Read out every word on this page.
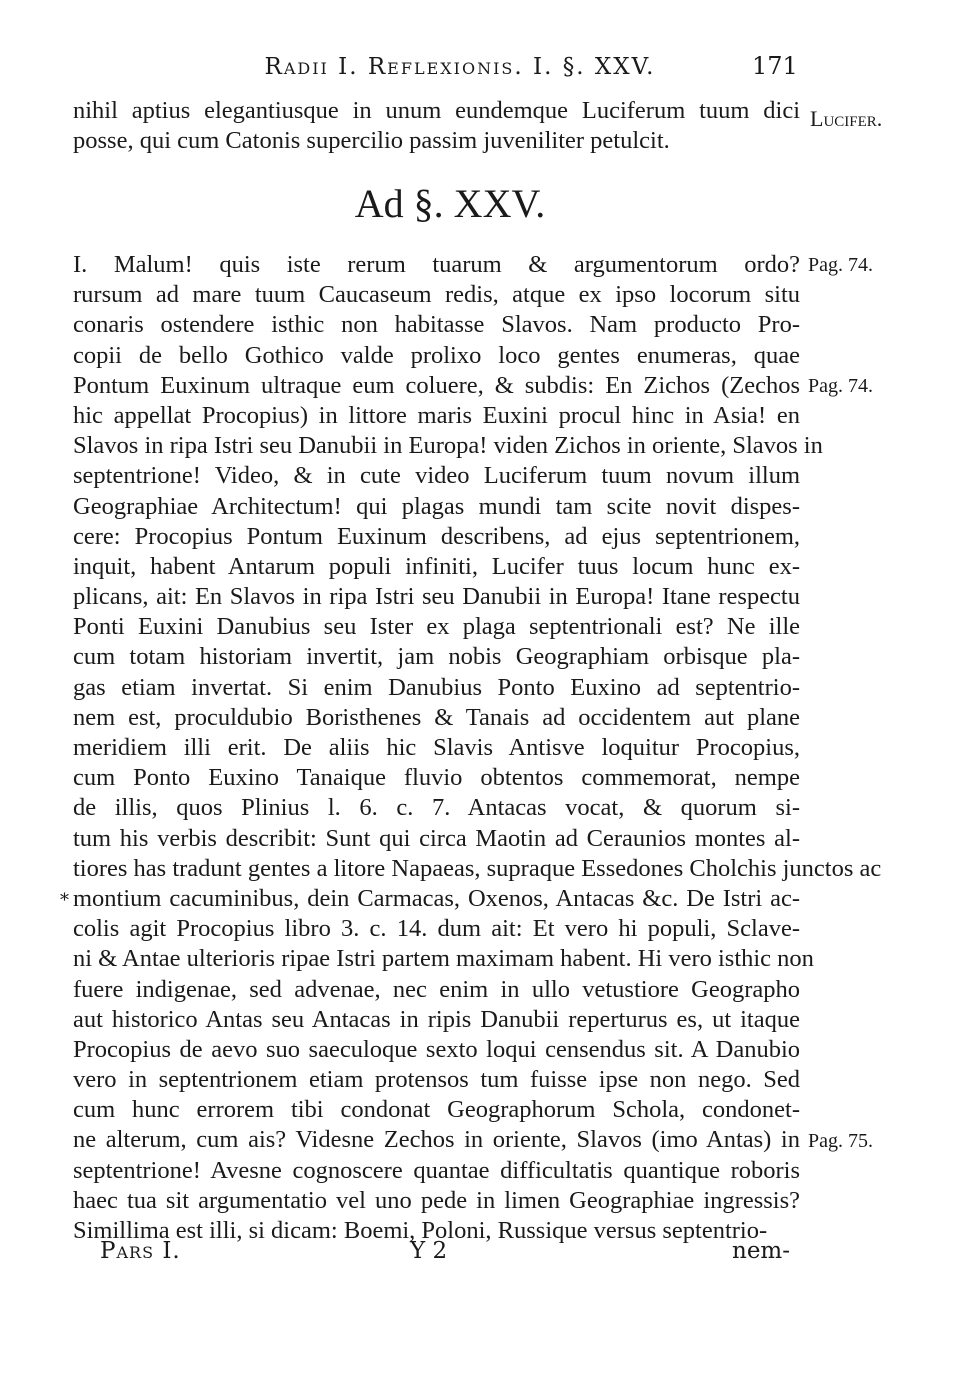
Radii I. Reflexionis. I. §. XXV.	171
nihil aptius elegantiusque in unum eundemque Luciferum tuum dici
posse, qui cum Catonis supercilio passim juveniliter petulcit.
Lucifer.
Ad §. XXV.
I. Malum! quis iste rerum tuarum & argumentorum ordo?
rursum ad mare tuum Caucaseum redis, atque ex ipso locorum situ
conaris ostendere isthic non habitasse Slavos. Nam producto Pro-
copii de bello Gothico valde prolixo loco gentes enumeras, quae
Pontum Euxinum ultraque eum coluere, & subdis: En Zichos (Zechos
hic appellat Procopius) in littore maris Euxini procul hinc in Asia! en
Slavos in ripa Istri seu Danubii in Europa! viden Zichos in oriente, Slavos in
septentrione! Video, & in cute video Luciferum tuum novum illum
Geographiae Architectum! qui plagas mundi tam scite novit dispes-
cere: Procopius Pontum Euxinum describens, ad ejus septentrionem,
inquit, habent Antarum populi infiniti, Lucifer tuus locum hunc ex-
plicans, ait: En Slavos in ripa Istri seu Danubii in Europa! Itane respectu
Ponti Euxini Danubius seu Ister ex plaga septentrionali est? Ne ille
cum totam historiam invertit, jam nobis Geographiam orbisque pla-
gas etiam invertat. Si enim Danubius Ponto Euxino ad septentrio-
nem est, proculdubio Boristhenes & Tanais ad occidentem aut plane
meridiem illi erit. De aliis hic Slavis Antisve loquitur Procopius,
cum Ponto Euxino Tanaique fluvio obtentos commemorat, nempe
de illis, quos Plinius l. 6. c. 7. Antacas vocat, & quorum si-
tum his verbis describit: Sunt qui circa Maotin ad Ceraunios montes al-
tiores has tradunt gentes a litore Napaeas, supraque Essedones Cholchis junctos ac
montium cacuminibus, dein Carmacas, Oxenos, Antacas &c. De Istri ac-
colis agit Procopius libro 3. c. 14. dum ait: Et vero hi populi, Sclave-
ni & Antae ulterioris ripae Istri partem maximam habent. Hi vero isthic non
fuere indigenae, sed advenae, nec enim in ullo vetustiore Geographo
aut historico Antas seu Antacas in ripis Danubii reperturus es, ut itaque
Procopius de aevo suo saeculoque sexto loqui censendus sit. A Danubio
vero in septentrionem etiam protensos tum fuisse ipse non nego. Sed
cum hunc errorem tibi condonat Geographorum Schola, condonet-
ne alterum, cum ais? Videsne Zechos in oriente, Slavos (imo Antas) in
septentrione! Avesne cognoscere quantae difficultatis quantique roboris
haec tua sit argumentatio vel uno pede in limen Geographiae ingressis?
Simillima est illi, si dicam: Boemi, Poloni, Russique versus septentrio-
Pag. 74.
Pag. 74.
Pag. 75.
*
Pars I.	Y 2	nem-
